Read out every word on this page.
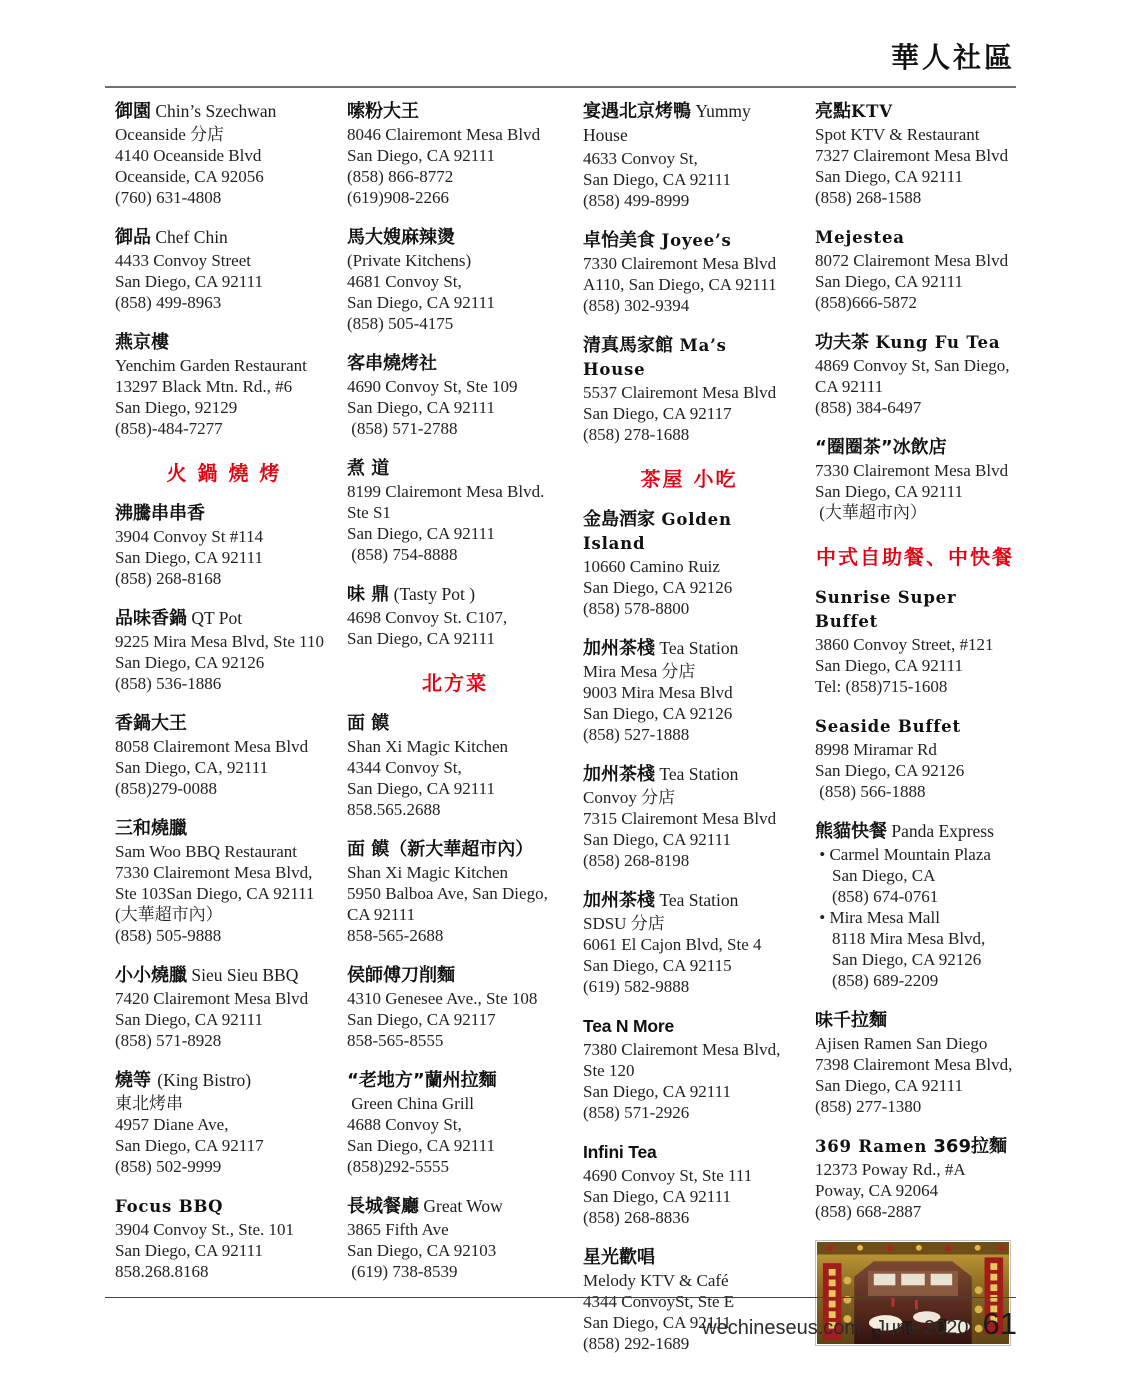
華人社區
御園 Chin’s Szechwan
Oceanside 分店
4140 Oceanside Blvd
Oceanside, CA 92056
(760) 631-4808
御品 Chef Chin
4433 Convoy Street
San Diego, CA 92111
(858) 499-8963
燕京樓
Yenchim Garden Restaurant
13297 Black Mtn. Rd., #6
San Diego, 92129
(858)-484-7277
火 鍋 燒 烤
沸騰串串香
3904 Convoy St #114
San Diego, CA 92111
(858) 268-8168
品味香鍋 QT Pot
9225 Mira Mesa Blvd, Ste 110
San Diego, CA 92126
(858) 536-1886
香鍋大王
8058 Clairemont Mesa Blvd
San Diego, CA, 92111
(858)279-0088
三和燒臘
Sam Woo BBQ Restaurant
7330 Clairemont Mesa Blvd,
Ste 103San Diego, CA 92111
(大華超市內）
(858) 505-9888
小小燒臘 Sieu Sieu BBQ
7420 Clairemont Mesa Blvd
San Diego, CA 92111
(858) 571-8928
燒等 (King Bistro)
東北烤串
4957 Diane Ave,
San Diego, CA 92117
(858) 502-9999
Focus BBQ
3904 Convoy St., Ste. 101
San Diego, CA 92111
858.268.8168
嗦粉大王
8046 Clairemont Mesa Blvd
San Diego, CA 92111
(858) 866-8772
(619)908-2266
馬大嫂麻辣燙
(Private Kitchens)
4681 Convoy St,
San Diego, CA 92111
(858) 505-4175
客串燒烤社
4690 Convoy St, Ste 109
San Diego, CA 92111
(858) 571-2788
煮 道
8199 Clairemont Mesa Blvd.
Ste S1
San Diego, CA 92111
(858) 754-8888
味 鼎 (Tasty Pot )
4698 Convoy St. C107,
San Diego, CA 92111
北方菜
面 饃
Shan Xi Magic Kitchen
4344 Convoy St,
San Diego, CA 92111
858.565.2688
面 饃（新大華超市內）
Shan Xi Magic Kitchen
5950 Balboa Ave, San Diego,
CA 92111
858-565-2688
侯師傅刀削麵
4310 Genesee Ave., Ste 108
San Diego, CA 92117
858-565-8555
“老地方”蘭州拉麵
Green China Grill
4688 Convoy St,
San Diego, CA 92111
(858)292-5555
長城餐廳 Great Wow
3865 Fifth Ave
San Diego, CA 92103
(619) 738-8539
宴遇北京烤鴨 Yummy House
4633 Convoy St,
San Diego, CA 92111
(858) 499-8999
卓怡美食 Joyee’s
7330 Clairemont Mesa Blvd
A110, San Diego, CA 92111
(858) 302-9394
清真馬家館 Ma’s House
5537 Clairemont Mesa Blvd
San Diego, CA 92117
(858) 278-1688
茶屋 小吃
金島酒家 Golden Island
10660 Camino Ruiz
San Diego, CA 92126
(858) 578-8800
加州茶棧 Tea Station
Mira Mesa 分店
9003 Mira Mesa Blvd
San Diego, CA 92126
(858) 527-1888
加州茶棧 Tea Station
Convoy 分店
7315 Clairemont Mesa Blvd
San Diego, CA 92111
(858) 268-8198
加州茶棧 Tea Station
SDSU 分店
6061 El Cajon Blvd, Ste 4
San Diego, CA 92115
(619) 582-9888
Tea N More
7380 Clairemont Mesa Blvd,
Ste 120
San Diego, CA 92111
(858) 571-2926
Infini Tea
4690 Convoy St, Ste 111
San Diego, CA 92111
(858) 268-8836
星光歡唱
Melody KTV & Café
4344 ConvoySt, Ste E
San Diego, CA 92111
(858) 292-1689
亮點KTV
Spot KTV & Restaurant
7327 Clairemont Mesa Blvd
San Diego, CA 92111
(858) 268-1588
Mejestea
8072 Clairemont Mesa Blvd
San Diego, CA 92111
(858)666-5872
功夫茶 Kung Fu Tea
4869 Convoy St, San Diego,
CA 92111
(858) 384-6497
“圈圈茶”冰飲店
7330 Clairemont Mesa Blvd
San Diego, CA 92111
(大華超市內）
中式自助餐、中快餐
Sunrise Super Buffet
3860 Convoy Street, #121
San Diego, CA 92111
Tel: (858)715-1608
Seaside Buffet
8998 Miramar Rd
San Diego, CA 92126
(858) 566-1888
熊貓快餐 Panda Express
• Carmel Mountain Plaza
San Diego, CA
(858) 674-0761
• Mira Mesa Mall
8118 Mira Mesa Blvd,
San Diego, CA 92126
(858) 689-2209
味千拉麵
Ajisen Ramen San Diego
7398 Clairemont Mesa Blvd,
San Diego, CA 92111
(858) 277-1380
369 Ramen 369拉麵
12373 Poway Rd., #A
Poway, CA 92064
(858) 668-2887
wechineseus.com June 2020 61
